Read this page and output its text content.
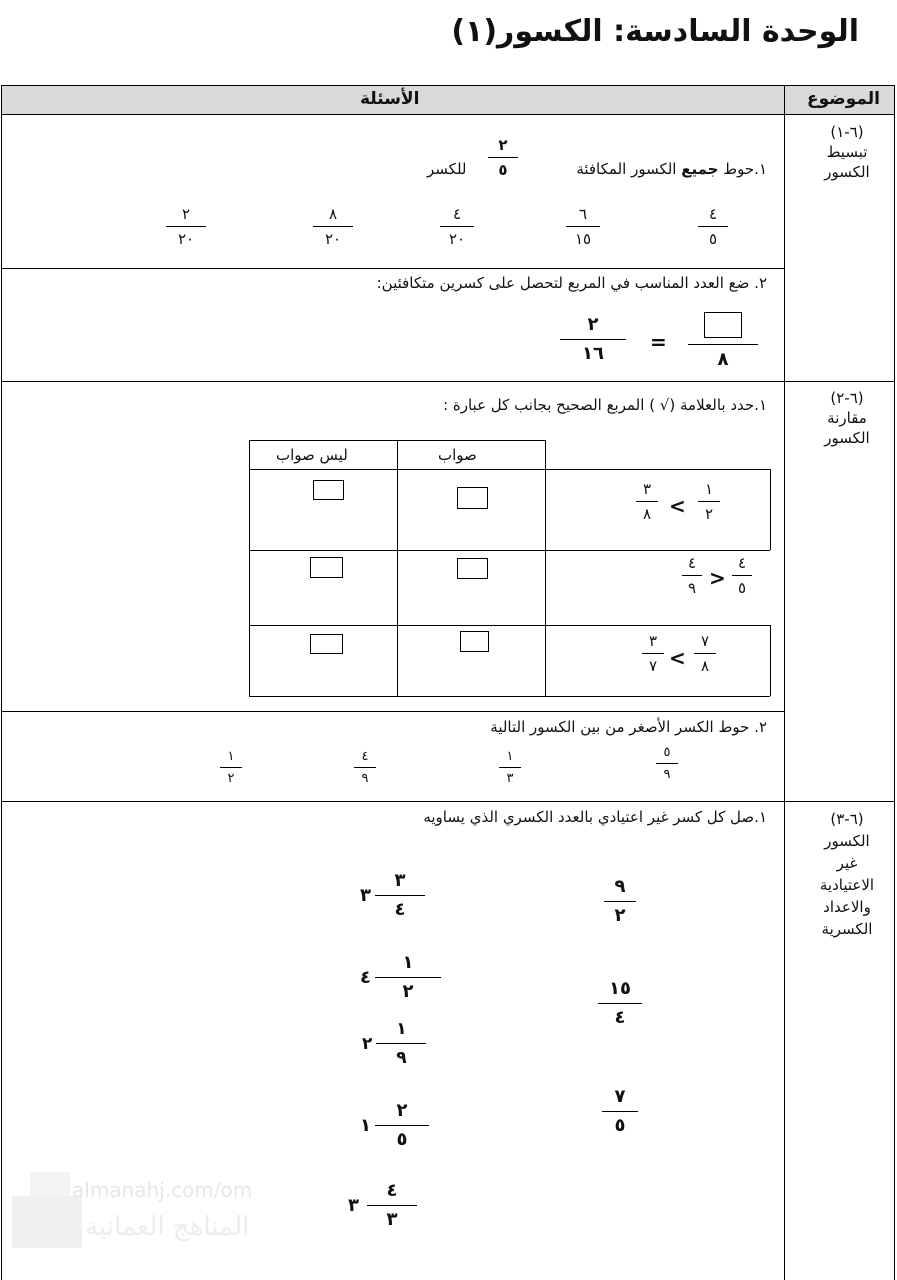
الوحدة السادسة: الكسور(١)
الموضوع
الأسئلة
(٦-١)
تبسيط
الكسور
(٦-٢)
مقارنة
الكسور
(٦-٣)
الكسور
غير
الاعتيادية
والاعداد
الكسرية
١.حوط جميع الكسور المكافئة
٢
٥
للكسر
٤
٥
٦
١٥
٤
٢٠
٨
٢٠
٢
٢٠
٢. ضع العدد المناسب في المربع لتحصل على كسرين متكافئين:
٨
=
٢
١٦
١.حدد بالعلامة (√ ) المربع الصحيح بجانب كل عبارة :
صواب
ليس صواب
١
٢
<
٣
٨
٤
٥
>
٤
٩
٧
٨
<
٣
٧
٢. حوط الكسر الأصغر من بين الكسور التالية
٥
٩
١
٣
٤
٩
١
٢
١.صل كل كسر غير اعتيادي بالعدد الكسري الذي يساويه
٩
٢
١٥
٤
٧
٥
٣
٣
٤
٤
١
٢
٢
١
٩
١
٢
٥
٣
٤
٣
almanahj.com/om
المناهج العمانية
